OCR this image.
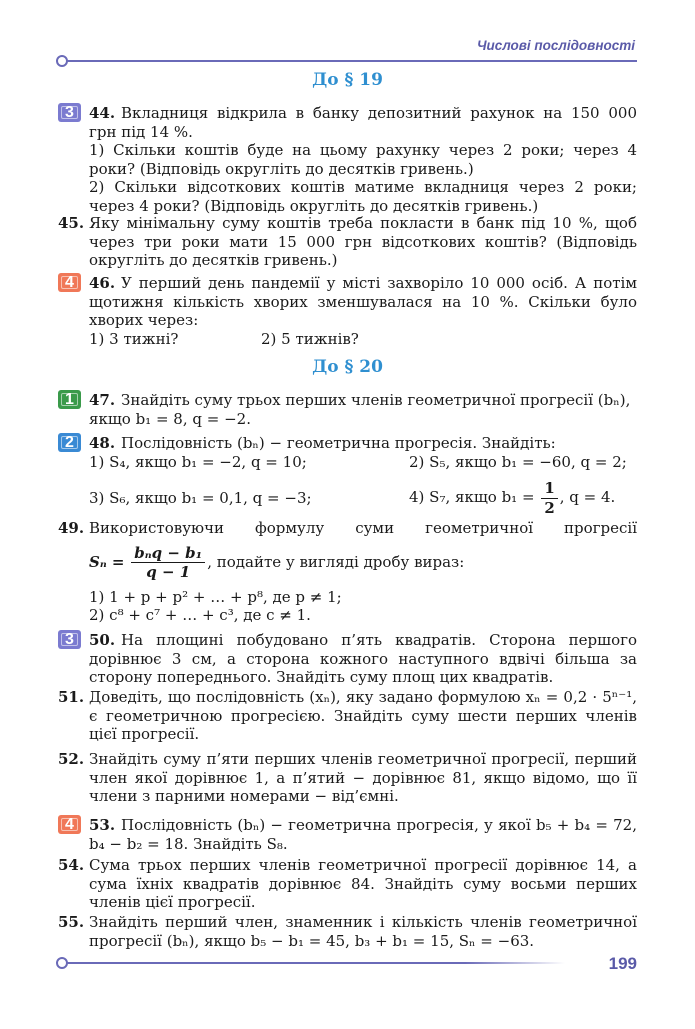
Числові послідовності
До § 19
3	44. Вкладниця відкрила в банку депозитний рахунок на 150 000 грн під 14 %.
1) Скільки коштів буде на цьому рахунку через 2 роки; через 4 роки? (Відповідь округліть до десятків гривень.)
2) Скільки відсоткових коштів матиме вкладниця через 2 роки; через 4 роки? (Відповідь округліть до десятків гривень.)
45. Яку мінімальну суму коштів треба покласти в банк під 10 %, щоб через три роки мати 15 000 грн відсоткових коштів? (Відповідь округліть до десятків гривень.)
4	46. У перший день пандемії у місті захворіло 10 000 осіб. А потім щотижня кількість хворих зменшувалася на 10 %. Скільки було хворих через:
1) 3 тижні?	2) 5 тижнів?
До § 20
1	47. Знайдіть суму трьох перших членів геометричної прогресії (bₙ),
якщо b₁ = 8, q = −2.
2	48. Послідовність (bₙ) − геометрична прогресія. Знайдіть:
1) S₄, якщо b₁ = −2, q = 10;	2) S₅, якщо b₁ = −60, q = 2;
3) S₆, якщо b₁ = 0,1, q = −3;	4) S₇, якщо $b_1 = \frac{1}{2}$ , q = 4.
49. Використовуючи формулу суми геометричної прогресії
$S_n = \frac{\text{bₙq − b₁}}{q - 1}$ , подайте у вигляді дробу вираз:
1) 1 + p + p² + … + p⁸, де p ≠ 1;
2) c⁸ + c⁷ + … + c³, де c ≠ 1.
3	50. На площині побудовано п’ять квадратів. Сторона першого дорівнює 3 см, а сторона кожного наступного вдвічі більша за сторону попереднього. Знайдіть суму площ цих квадратів.
51. Доведіть, що послідовність (xₙ), яку задано формулою xₙ = 0,2 · 5ⁿ⁻¹, є геометричною прогресією. Знайдіть суму шести перших членів цієї прогресії.
52. Знайдіть суму п’яти перших членів геометричної прогресії, перший член якої дорівнює 1, а п’ятий − дорівнює 81, якщо відомо, що її члени з парними номерами − від’ємні.
4	53. Послідовність (bₙ) − геометрична прогресія, у якої b₅ + b₄ = 72, b₄ − b₂ = 18. Знайдіть S₈.
54. Сума трьох перших членів геометричної прогресії дорівнює 14, а сума їхніх квадратів дорівнює 84. Знайдіть суму восьми перших членів цієї прогресії.
55. Знайдіть перший член, знаменник і кількість членів геометричної прогресії (bₙ), якщо b₅ − b₁ = 45, b₃ + b₁ = 15, Sₙ = −63.
199
